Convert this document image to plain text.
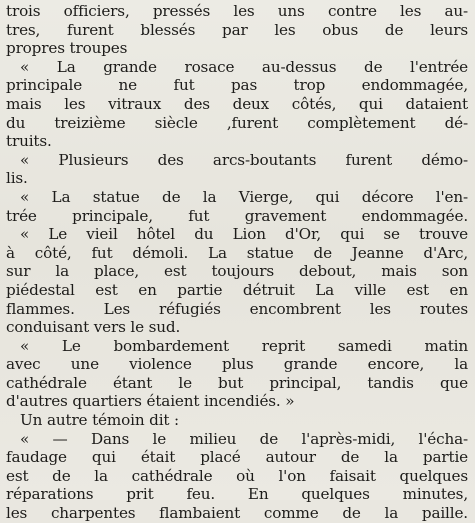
trois officiers, pressés les uns contre les au-
tres, furent blessés par les obus de leurs
propres troupes
« La grande rosace au-dessus de l'entrée
principale ne fut pas trop endommagée,
mais les vitraux des deux côtés, qui dataient
du treizième siècle ,furent complètement dé-
truits.
« Plusieurs des arcs-boutants furent démo-
lis.
« La statue de la Vierge, qui décore l'en-
trée principale, fut gravement endommagée.
« Le vieil hôtel du Lion d'Or, qui se trouve
à côté, fut démoli. La statue de Jeanne d'Arc,
sur la place, est toujours debout, mais son
piédestal est en partie détruit La ville est en
flammes. Les réfugiés encombrent les routes
conduisant vers le sud.
« Le bombardement reprit samedi matin
avec une violence plus grande encore, la
cathédrale étant le but principal, tandis que
d'autres quartiers étaient incendiés. »
Un autre témoin dit :
« — Dans le milieu de l'après-midi, l'écha-
faudage qui était placé autour de la partie
est de la cathédrale où l'on faisait quelques
réparations prit feu. En quelques minutes,
les charpentes flambaient comme de la paille.
